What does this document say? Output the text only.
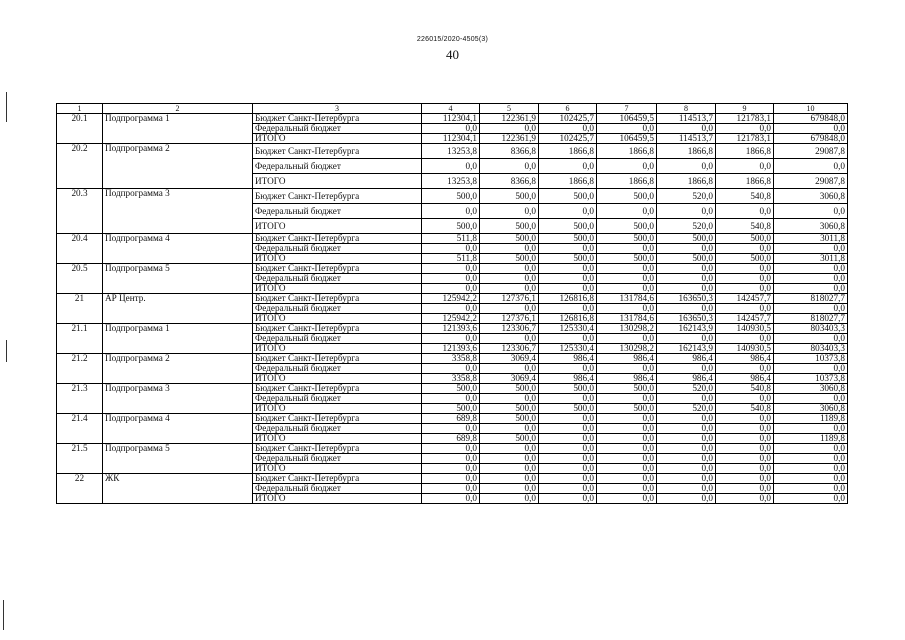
226015/2020-4505(3)
40
1	2	3	4	5	6	7	8	9	10
20.1	Подпрограмма 1	Бюджет Санкт-Петербурга	112304,1	122361,9	102425,7	106459,5	114513,7	121783,1	679848,0
		Федеральный бюджет	0,0	0,0	0,0	0,0	0,0	0,0	0,0
		ИТОГО	112304,1	122361,9	102425,7	106459,5	114513,7	121783,1	679848,0
20.2	Подпрограмма 2	Бюджет Санкт-Петербурга	13253,8	8366,8	1866,8	1866,8	1866,8	1866,8	29087,8
		Федеральный бюджет	0,0	0,0	0,0	0,0	0,0	0,0	0,0
		ИТОГО	13253,8	8366,8	1866,8	1866,8	1866,8	1866,8	29087,8
20.3	Подпрограмма 3	Бюджет Санкт-Петербурга	500,0	500,0	500,0	500,0	520,0	540,8	3060,8
		Федеральный бюджет	0,0	0,0	0,0	0,0	0,0	0,0	0,0
		ИТОГО	500,0	500,0	500,0	500,0	520,0	540,8	3060,8
20.4	Подпрограмма 4	Бюджет Санкт-Петербурга	511,8	500,0	500,0	500,0	500,0	500,0	3011,8
		Федеральный бюджет	0,0	0,0	0,0	0,0	0,0	0,0	0,0
		ИТОГО	511,8	500,0	500,0	500,0	500,0	500,0	3011,8
20.5	Подпрограмма 5	Бюджет Санкт-Петербурга	0,0	0,0	0,0	0,0	0,0	0,0	0,0
		Федеральный бюджет	0,0	0,0	0,0	0,0	0,0	0,0	0,0
		ИТОГО	0,0	0,0	0,0	0,0	0,0	0,0	0,0
21	АР Центр.	Бюджет Санкт-Петербурга	125942,2	127376,1	126816,8	131784,6	163650,3	142457,7	818027,7
		Федеральный бюджет	0,0	0,0	0,0	0,0	0,0	0,0	0,0
		ИТОГО	125942,2	127376,1	126816,8	131784,6	163650,3	142457,7	818027,7
21.1	Подпрограмма 1	Бюджет Санкт-Петербурга	121393,6	123306,7	125330,4	130298,2	162143,9	140930,5	803403,3
		Федеральный бюджет	0,0	0,0	0,0	0,0	0,0	0,0	0,0
		ИТОГО	121393,6	123306,7	125330,4	130298,2	162143,9	140930,5	803403,3
21.2	Подпрограмма 2	Бюджет Санкт-Петербурга	3358,8	3069,4	986,4	986,4	986,4	986,4	10373,8
		Федеральный бюджет	0,0	0,0	0,0	0,0	0,0	0,0	0,0
		ИТОГО	3358,8	3069,4	986,4	986,4	986,4	986,4	10373,8
21.3	Подпрограмма 3	Бюджет Санкт-Петербурга	500,0	500,0	500,0	500,0	520,0	540,8	3060,8
		Федеральный бюджет	0,0	0,0	0,0	0,0	0,0	0,0	0,0
		ИТОГО	500,0	500,0	500,0	500,0	520,0	540,8	3060,8
21.4	Подпрограмма 4	Бюджет Санкт-Петербурга	689,8	500,0	0,0	0,0	0,0	0,0	1189,8
		Федеральный бюджет	0,0	0,0	0,0	0,0	0,0	0,0	0,0
		ИТОГО	689,8	500,0	0,0	0,0	0,0	0,0	1189,8
21.5	Подпрограмма 5	Бюджет Санкт-Петербурга	0,0	0,0	0,0	0,0	0,0	0,0	0,0
		Федеральный бюджет	0,0	0,0	0,0	0,0	0,0	0,0	0,0
		ИТОГО	0,0	0,0	0,0	0,0	0,0	0,0	0,0
22	ЖК	Бюджет Санкт-Петербурга	0,0	0,0	0,0	0,0	0,0	0,0	0,0
		Федеральный бюджет	0,0	0,0	0,0	0,0	0,0	0,0	0,0
		ИТОГО	0,0	0,0	0,0	0,0	0,0	0,0	0,0
